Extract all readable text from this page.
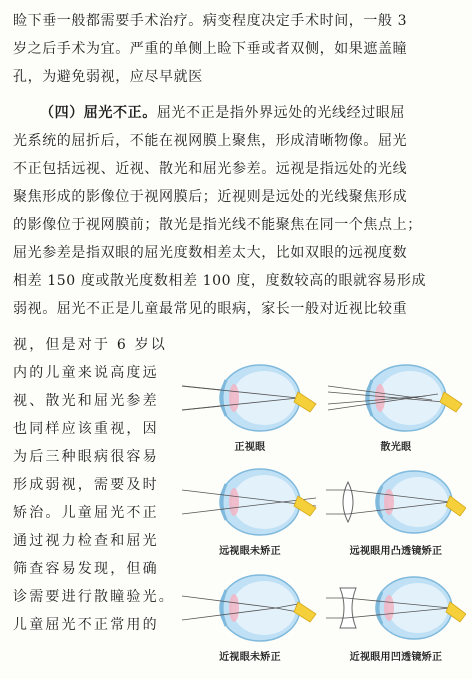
睑下垂一般都需要手术治疗。病变程度决定手术时间，一般 3
岁之后手术为宜。严重的单侧上睑下垂或者双侧，如果遮盖瞳
孔，为避免弱视，应尽早就医
（四）屈光不正。屈光不正是指外界远处的光线经过眼屈
光系统的屈折后，不能在视网膜上聚焦，形成清晰物像。屈光
不正包括远视、近视、散光和屈光参差。远视是指远处的光线
聚焦形成的影像位于视网膜后；近视则是远处的光线聚焦形成
的影像位于视网膜前；散光是指光线不能聚焦在同一个焦点上；
屈光参差是指双眼的屈光度数相差太大，比如双眼的远视度数
相差 150 度或散光度数相差 100 度，度数较高的眼就容易形成
弱视。屈光不正是儿童最常见的眼病，家长一般对近视比较重
视，但是对于 6 岁以
内的儿童来说高度远
视、散光和屈光参差
也同样应该重视，因
为后三种眼病很容易
形成弱视，需要及时
矫治。儿童屈光不正
通过视力检查和屈光
筛查容易发现，但确
诊需要进行散瞳验光。
儿童屈光不正常用的
正视眼	散光眼
远视眼未矫正	远视眼用凸透镜矫正
近视眼未矫正	近视眼用凹透镜矫正
